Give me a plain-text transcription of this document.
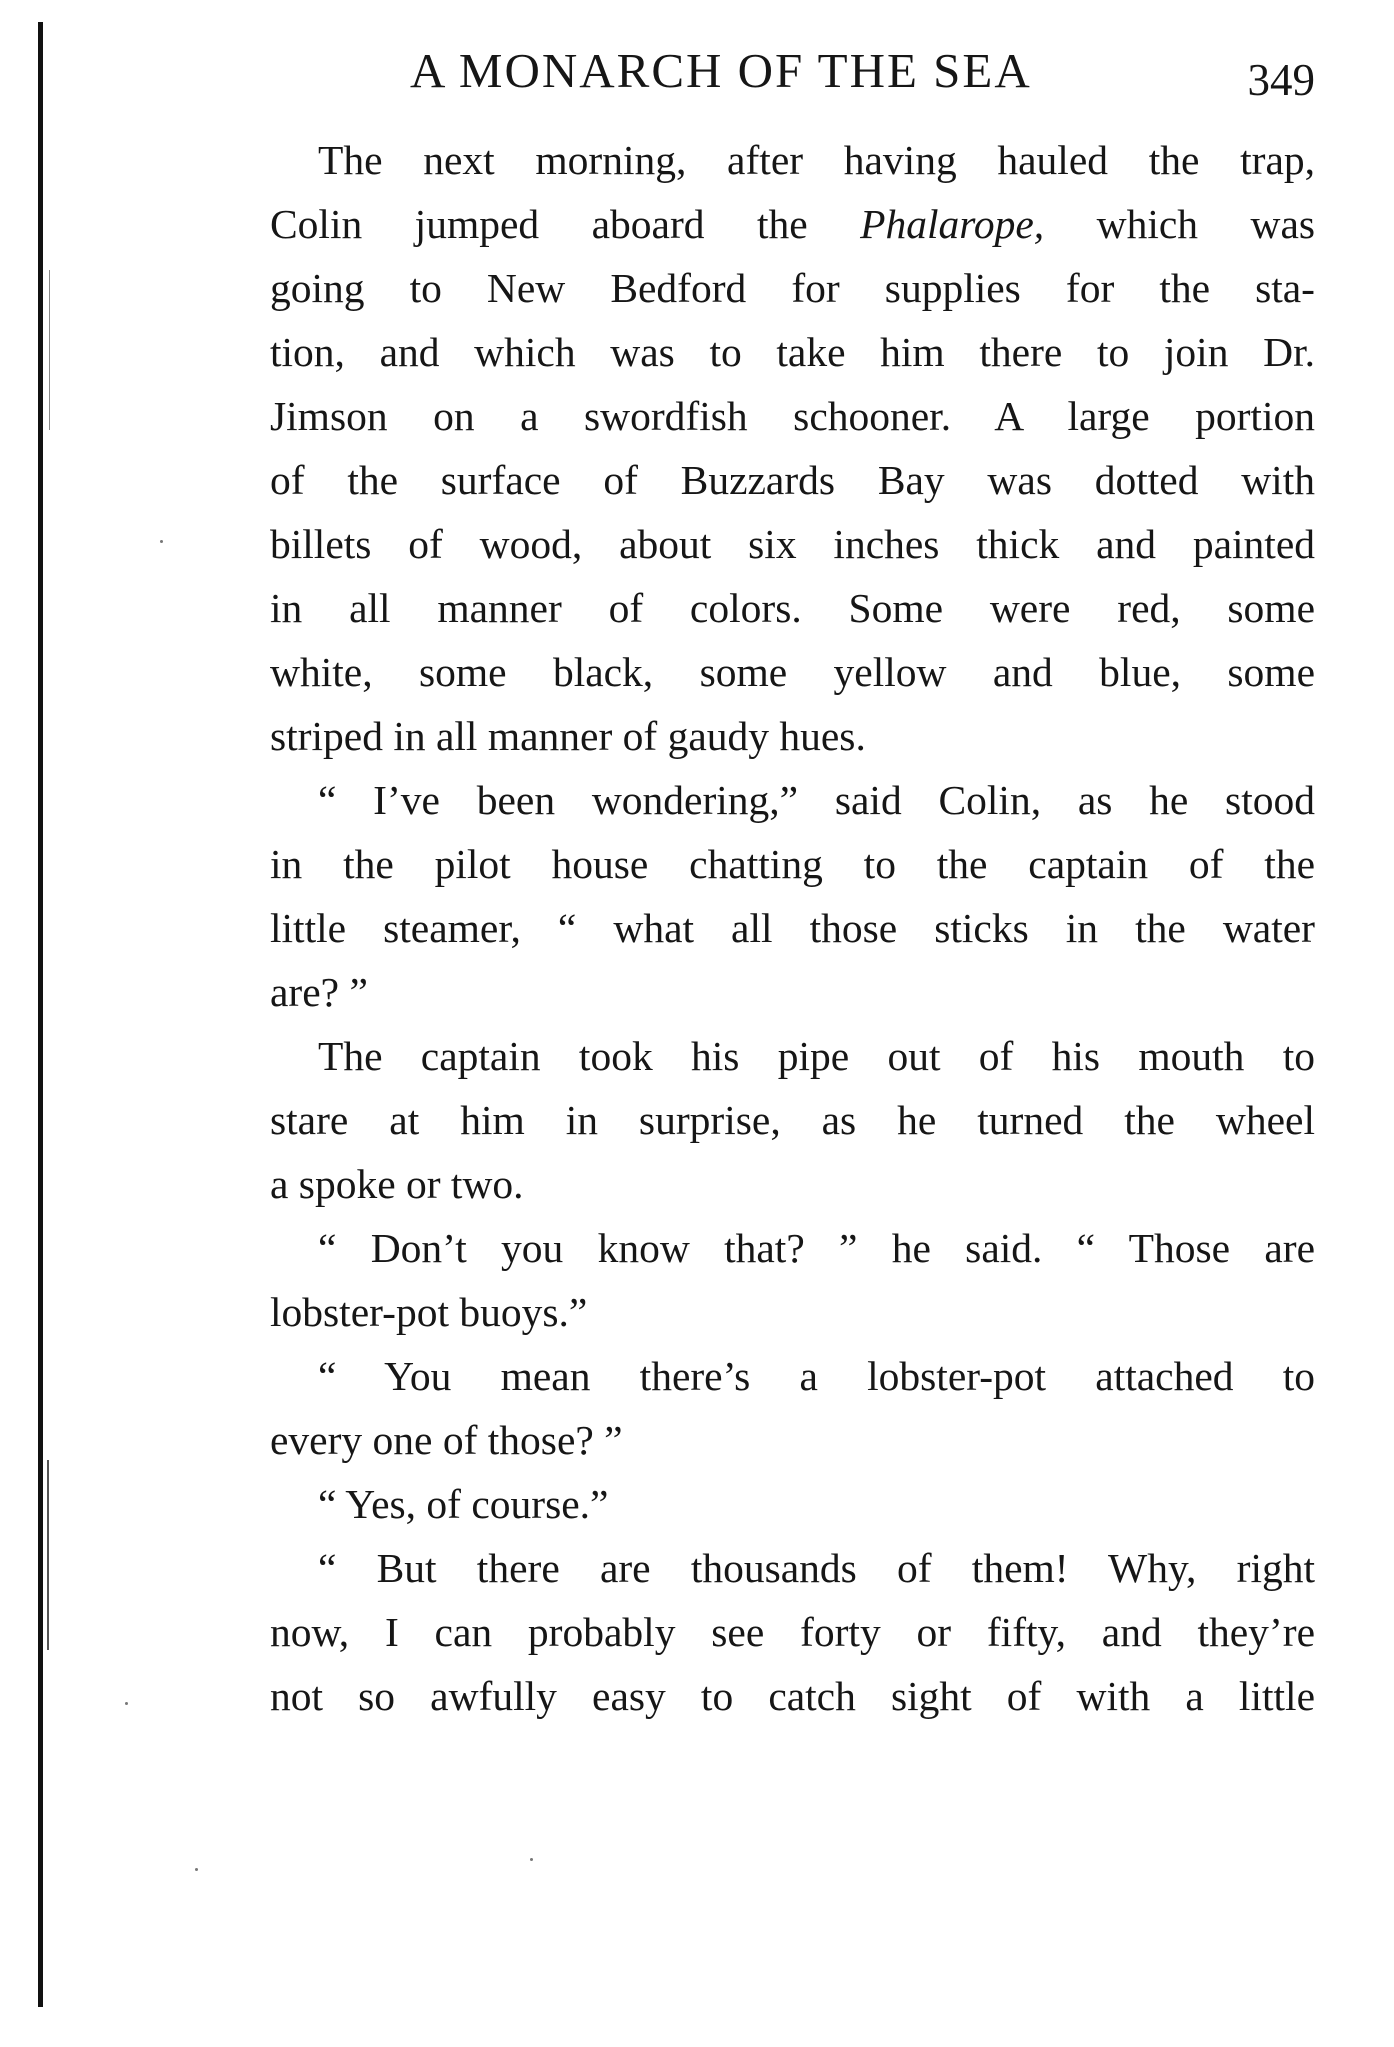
A MONARCH OF THE SEA	349
The next morning, after having hauled the trap,
Colin jumped aboard the Phalarope, which was
going to New Bedford for supplies for the sta-
tion, and which was to take him there to join Dr.
Jimson on a swordfish schooner. A large portion
of the surface of Buzzards Bay was dotted with
billets of wood, about six inches thick and painted
in all manner of colors. Some were red, some
white, some black, some yellow and blue, some
striped in all manner of gaudy hues.
“ I’ve been wondering,” said Colin, as he stood
in the pilot house chatting to the captain of the
little steamer, “ what all those sticks in the water
are? ”
The captain took his pipe out of his mouth to
stare at him in surprise, as he turned the wheel
a spoke or two.
“ Don’t you know that? ” he said. “ Those are
lobster-pot buoys.”
“ You mean there’s a lobster-pot attached to
every one of those? ”
“ Yes, of course.”
“ But there are thousands of them! Why, right
now, I can probably see forty or fifty, and they’re
not so awfully easy to catch sight of with a little
